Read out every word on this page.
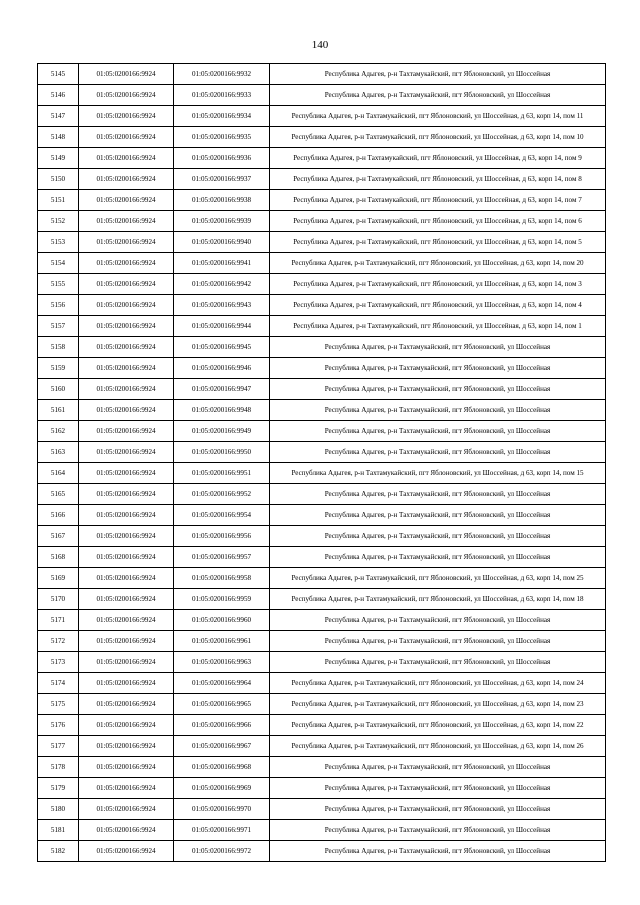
140
5145	01:05:0200166:9924	01:05:0200166:9932	Республика Адыгея, р-н Тахтамукайский, пгт Яблоновский, ул Шоссейная
5146	01:05:0200166:9924	01:05:0200166:9933	Республика Адыгея, р-н Тахтамукайский, пгт Яблоновский, ул Шоссейная
5147	01:05:0200166:9924	01:05:0200166:9934	Республика Адыгея, р-н Тахтамукайский, пгт Яблоновский, ул Шоссейная, д 63, корп 14, пом 11
5148	01:05:0200166:9924	01:05:0200166:9935	Республика Адыгея, р-н Тахтамукайский, пгт Яблоновский, ул Шоссейная, д 63, корп 14, пом 10
5149	01:05:0200166:9924	01:05:0200166:9936	Республика Адыгея, р-н Тахтамукайский, пгт Яблоновский, ул Шоссейная, д 63, корп 14, пом 9
5150	01:05:0200166:9924	01:05:0200166:9937	Республика Адыгея, р-н Тахтамукайский, пгт Яблоновский, ул Шоссейная, д 63, корп 14, пом 8
5151	01:05:0200166:9924	01:05:0200166:9938	Республика Адыгея, р-н Тахтамукайский, пгт Яблоновский, ул Шоссейная, д 63, корп 14, пом 7
5152	01:05:0200166:9924	01:05:0200166:9939	Республика Адыгея, р-н Тахтамукайский, пгт Яблоновский, ул Шоссейная, д 63, корп 14, пом 6
5153	01:05:0200166:9924	01:05:0200166:9940	Республика Адыгея, р-н Тахтамукайский, пгт Яблоновский, ул Шоссейная, д 63, корп 14, пом 5
5154	01:05:0200166:9924	01:05:0200166:9941	Республика Адыгея, р-н Тахтамукайский, пгт Яблоновский, ул Шоссейная, д 63, корп 14, пом 20
5155	01:05:0200166:9924	01:05:0200166:9942	Республика Адыгея, р-н Тахтамукайский, пгт Яблоновский, ул Шоссейная, д 63, корп 14, пом 3
5156	01:05:0200166:9924	01:05:0200166:9943	Республика Адыгея, р-н Тахтамукайский, пгт Яблоновский, ул Шоссейная, д 63, корп 14, пом 4
5157	01:05:0200166:9924	01:05:0200166:9944	Республика Адыгея, р-н Тахтамукайский, пгт Яблоновский, ул Шоссейная, д 63, корп 14, пом 1
5158	01:05:0200166:9924	01:05:0200166:9945	Республика Адыгея, р-н Тахтамукайский, пгт Яблоновский, ул Шоссейная
5159	01:05:0200166:9924	01:05:0200166:9946	Республика Адыгея, р-н Тахтамукайский, пгт Яблоновский, ул Шоссейная
5160	01:05:0200166:9924	01:05:0200166:9947	Республика Адыгея, р-н Тахтамукайский, пгт Яблоновский, ул Шоссейная
5161	01:05:0200166:9924	01:05:0200166:9948	Республика Адыгея, р-н Тахтамукайский, пгт Яблоновский, ул Шоссейная
5162	01:05:0200166:9924	01:05:0200166:9949	Республика Адыгея, р-н Тахтамукайский, пгт Яблоновский, ул Шоссейная
5163	01:05:0200166:9924	01:05:0200166:9950	Республика Адыгея, р-н Тахтамукайский, пгт Яблоновский, ул Шоссейная
5164	01:05:0200166:9924	01:05:0200166:9951	Республика Адыгея, р-н Тахтамукайский, пгт Яблоновский, ул Шоссейная, д 63, корп 14, пом 15
5165	01:05:0200166:9924	01:05:0200166:9952	Республика Адыгея, р-н Тахтамукайский, пгт Яблоновский, ул Шоссейная
5166	01:05:0200166:9924	01:05:0200166:9954	Республика Адыгея, р-н Тахтамукайский, пгт Яблоновский, ул Шоссейная
5167	01:05:0200166:9924	01:05:0200166:9956	Республика Адыгея, р-н Тахтамукайский, пгт Яблоновский, ул Шоссейная
5168	01:05:0200166:9924	01:05:0200166:9957	Республика Адыгея, р-н Тахтамукайский, пгт Яблоновский, ул Шоссейная
5169	01:05:0200166:9924	01:05:0200166:9958	Республика Адыгея, р-н Тахтамукайский, пгт Яблоновский, ул Шоссейная, д 63, корп 14, пом 25
5170	01:05:0200166:9924	01:05:0200166:9959	Республика Адыгея, р-н Тахтамукайский, пгт Яблоновский, ул Шоссейная, д 63, корп 14, пом 18
5171	01:05:0200166:9924	01:05:0200166:9960	Республика Адыгея, р-н Тахтамукайский, пгт Яблоновский, ул Шоссейная
5172	01:05:0200166:9924	01:05:0200166:9961	Республика Адыгея, р-н Тахтамукайский, пгт Яблоновский, ул Шоссейная
5173	01:05:0200166:9924	01:05:0200166:9963	Республика Адыгея, р-н Тахтамукайский, пгт Яблоновский, ул Шоссейная
5174	01:05:0200166:9924	01:05:0200166:9964	Республика Адыгея, р-н Тахтамукайский, пгт Яблоновский, ул Шоссейная, д 63, корп 14, пом 24
5175	01:05:0200166:9924	01:05:0200166:9965	Республика Адыгея, р-н Тахтамукайский, пгт Яблоновский, ул Шоссейная, д 63, корп 14, пом 23
5176	01:05:0200166:9924	01:05:0200166:9966	Республика Адыгея, р-н Тахтамукайский, пгт Яблоновский, ул Шоссейная, д 63, корп 14, пом 22
5177	01:05:0200166:9924	01:05:0200166:9967	Республика Адыгея, р-н Тахтамукайский, пгт Яблоновский, ул Шоссейная, д 63, корп 14, пом 26
5178	01:05:0200166:9924	01:05:0200166:9968	Республика Адыгея, р-н Тахтамукайский, пгт Яблоновский, ул Шоссейная
5179	01:05:0200166:9924	01:05:0200166:9969	Республика Адыгея, р-н Тахтамукайский, пгт Яблоновский, ул Шоссейная
5180	01:05:0200166:9924	01:05:0200166:9970	Республика Адыгея, р-н Тахтамукайский, пгт Яблоновский, ул Шоссейная
5181	01:05:0200166:9924	01:05:0200166:9971	Республика Адыгея, р-н Тахтамукайский, пгт Яблоновский, ул Шоссейная
5182	01:05:0200166:9924	01:05:0200166:9972	Республика Адыгея, р-н Тахтамукайский, пгт Яблоновский, ул Шоссейная
